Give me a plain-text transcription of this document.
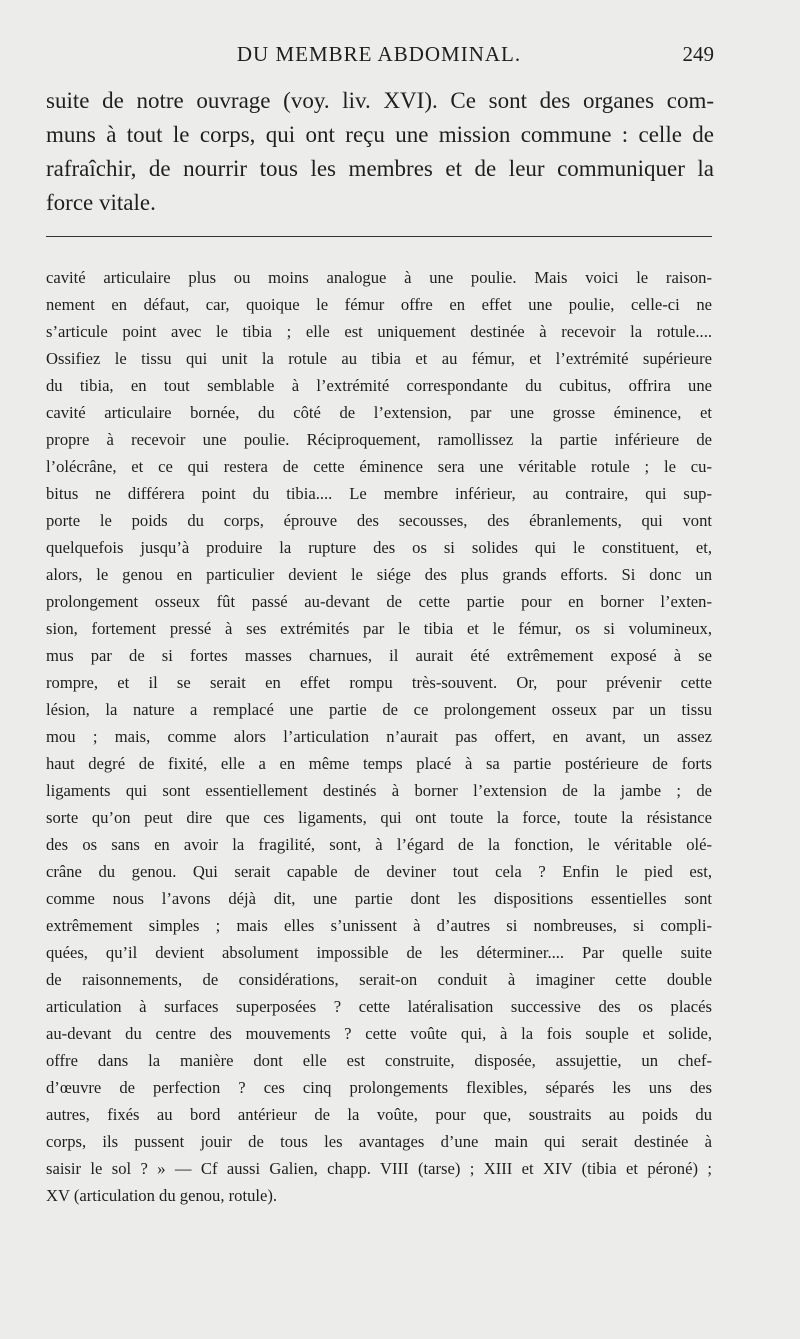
DU MEMBRE ABDOMINAL.	249
suite de notre ouvrage (voy. liv. XVI). Ce sont des organes com-
muns à tout le corps, qui ont reçu une mission commune : celle de
rafraîchir, de nourrir tous les membres et de leur communiquer la
force vitale.
cavité articulaire plus ou moins analogue à une poulie. Mais voici le raison-
nement en défaut, car, quoique le fémur offre en effet une poulie, celle-ci ne
s’articule point avec le tibia ; elle est uniquement destinée à recevoir la rotule....
Ossifiez le tissu qui unit la rotule au tibia et au fémur, et l’extrémité supérieure
du tibia, en tout semblable à l’extrémité correspondante du cubitus, offrira une
cavité articulaire bornée, du côté de l’extension, par une grosse éminence, et
propre à recevoir une poulie. Réciproquement, ramollissez la partie inférieure de
l’olécrâne, et ce qui restera de cette éminence sera une véritable rotule ; le cu-
bitus ne différera point du tibia.... Le membre inférieur, au contraire, qui sup-
porte le poids du corps, éprouve des secousses, des ébranlements, qui vont
quelquefois jusqu’à produire la rupture des os si solides qui le constituent, et,
alors, le genou en particulier devient le siége des plus grands efforts. Si donc un
prolongement osseux fût passé au-devant de cette partie pour en borner l’exten-
sion, fortement pressé à ses extrémités par le tibia et le fémur, os si volumineux,
mus par de si fortes masses charnues, il aurait été extrêmement exposé à se
rompre, et il se serait en effet rompu très-souvent. Or, pour prévenir cette
lésion, la nature a remplacé une partie de ce prolongement osseux par un tissu
mou ; mais, comme alors l’articulation n’aurait pas offert, en avant, un assez
haut degré de fixité, elle a en même temps placé à sa partie postérieure de forts
ligaments qui sont essentiellement destinés à borner l’extension de la jambe ; de
sorte qu’on peut dire que ces ligaments, qui ont toute la force, toute la résistance
des os sans en avoir la fragilité, sont, à l’égard de la fonction, le véritable olé-
crâne du genou. Qui serait capable de deviner tout cela ? Enfin le pied est,
comme nous l’avons déjà dit, une partie dont les dispositions essentielles sont
extrêmement simples ; mais elles s’unissent à d’autres si nombreuses, si compli-
quées, qu’il devient absolument impossible de les déterminer.... Par quelle suite
de raisonnements, de considérations, serait-on conduit à imaginer cette double
articulation à surfaces superposées ? cette latéralisation successive des os placés
au-devant du centre des mouvements ? cette voûte qui, à la fois souple et solide,
offre dans la manière dont elle est construite, disposée, assujettie, un chef-
d’œuvre de perfection ? ces cinq prolongements flexibles, séparés les uns des
autres, fixés au bord antérieur de la voûte, pour que, soustraits au poids du
corps, ils pussent jouir de tous les avantages d’une main qui serait destinée à
saisir le sol ? » — Cf aussi Galien, chapp. VIII (tarse) ; XIII et XIV (tibia et péroné) ;
XV (articulation du genou, rotule).
